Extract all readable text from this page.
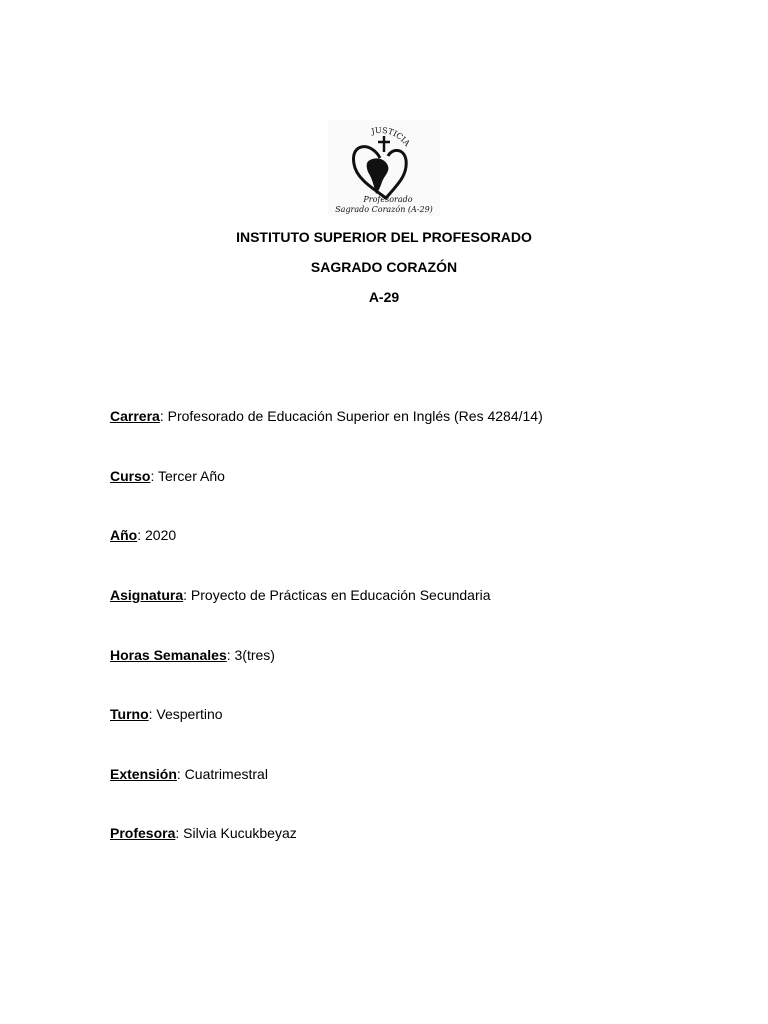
JUSTICIA
Profesorado
Sagrado Corazón (A-29)
INSTITUTO SUPERIOR DEL PROFESORADO
SAGRADO CORAZÓN
A-29
Carrera: Profesorado de Educación Superior en Inglés (Res 4284/14)
Curso: Tercer Año
Año: 2020
Asignatura: Proyecto de Prácticas en Educación Secundaria
Horas Semanales: 3(tres)
Turno: Vespertino
Extensión: Cuatrimestral
Profesora: Silvia Kucukbeyaz
